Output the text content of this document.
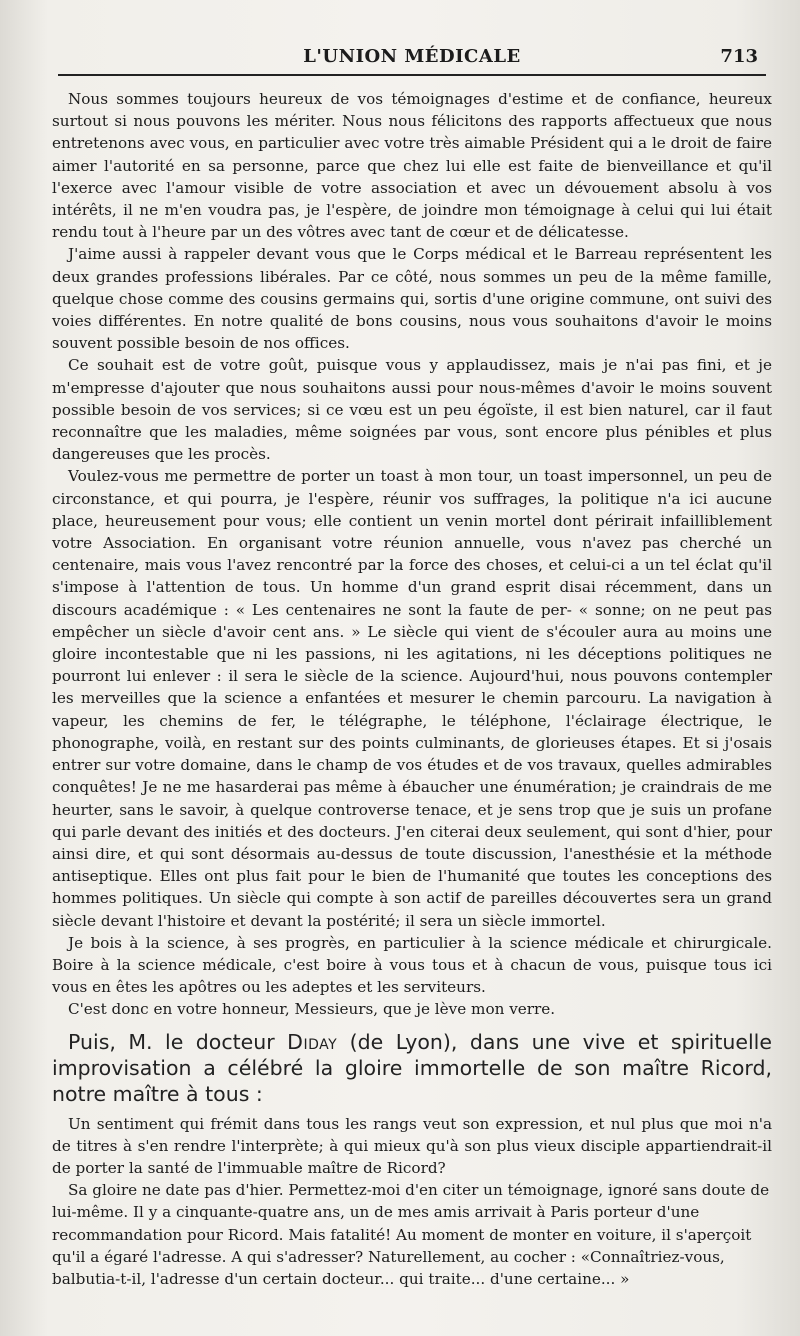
L'UNION MÉDICALE	713

Nous sommes toujours heureux de vos témoignages d'estime et de confiance, heureux surtout si nous pouvons les mériter. Nous nous félicitons des rapports affectueux que nous entretenons avec vous, en particulier avec votre très aimable Président qui a le droit de faire aimer l'autorité en sa personne, parce que chez lui elle est faite de bienveillance et qu'il l'exerce avec l'amour visible de votre association et avec un dévouement absolu à vos intérêts, il ne m'en voudra pas, je l'espère, de joindre mon témoignage à celui qui lui était rendu tout à l'heure par un des vôtres avec tant de cœur et de délicatesse.

J'aime aussi à rappeler devant vous que le Corps médical et le Barreau représentent les deux grandes professions libérales. Par ce côté, nous sommes un peu de la même famille, quelque chose comme des cousins germains qui, sortis d'une origine commune, ont suivi des voies différentes. En notre qualité de bons cousins, nous vous souhaitons d'avoir le moins souvent possible besoin de nos offices.

Ce souhait est de votre goût, puisque vous y applaudissez, mais je n'ai pas fini, et je m'empresse d'ajouter que nous souhaitons aussi pour nous-mêmes d'avoir le moins souvent possible besoin de vos services; si ce vœu est un peu égoïste, il est bien naturel, car il faut reconnaître que les maladies, même soignées par vous, sont encore plus pénibles et plus dangereuses que les procès.

Voulez-vous me permettre de porter un toast à mon tour, un toast impersonnel, un peu de circonstance, et qui pourra, je l'espère, réunir vos suffrages, la politique n'a ici aucune place, heureusement pour vous; elle contient un venin mortel dont périrait infailliblement votre Association. En organisant votre réunion annuelle, vous n'avez pas cherché un centenaire, mais vous l'avez rencontré par la force des choses, et celui-ci a un tel éclat qu'il s'impose à l'attention de tous. Un homme d'un grand esprit disai récemment, dans un discours académique : « Les centenaires ne sont la faute de per- « sonne; on ne peut pas empêcher un siècle d'avoir cent ans. » Le siècle qui vient de s'écouler aura au moins une gloire incontestable que ni les passions, ni les agitations, ni les déceptions politiques ne pourront lui enlever : il sera le siècle de la science. Aujourd'hui, nous pouvons contempler les merveilles que la science a enfantées et mesurer le chemin parcouru. La navigation à vapeur, les chemins de fer, le télégraphe, le téléphone, l'éclairage électrique, le phonographe, voilà, en restant sur des points culminants, de glorieuses étapes. Et si j'osais entrer sur votre domaine, dans le champ de vos études et de vos travaux, quelles admirables conquêtes! Je ne me hasarderai pas même à ébaucher une énumération; je craindrais de me heurter, sans le savoir, à quelque controverse tenace, et je sens trop que je suis un profane qui parle devant des initiés et des docteurs. J'en citerai deux seulement, qui sont d'hier, pour ainsi dire, et qui sont désormais au-dessus de toute discussion, l'anesthésie et la méthode antiseptique. Elles ont plus fait pour le bien de l'humanité que toutes les conceptions des hommes politiques. Un siècle qui compte à son actif de pareilles découvertes sera un grand siècle devant l'histoire et devant la postérité; il sera un siècle immortel.

Je bois à la science, à ses progrès, en particulier à la science médicale et chirurgicale. Boire à la science médicale, c'est boire à vous tous et à chacun de vous, puisque tous ici vous en êtes les apôtres ou les adeptes et les serviteurs.

C'est donc en votre honneur, Messieurs, que je lève mon verre.

Puis, M. le docteur Diday (de Lyon), dans une vive et spirituelle improvisation a célébré la gloire immortelle de son maître Ricord, notre maître à tous :

Un sentiment qui frémit dans tous les rangs veut son expression, et nul plus que moi n'a de titres à s'en rendre l'interprète; à qui mieux qu'à son plus vieux disciple appartiendrait-il de porter la santé de l'immuable maître de Ricord?

Sa gloire ne date pas d'hier. Permettez-moi d'en citer un témoignage, ignoré sans doute de lui-même. Il y a cinquante-quatre ans, un de mes amis arrivait à Paris porteur d'une recommandation pour Ricord. Mais fatalité! Au moment de monter en voiture, il s'aperçoit qu'il a égaré l'adresse. A qui s'adresser? Naturellement, au cocher : «Connaîtriez-vous, balbutia-t-il, l'adresse d'un certain docteur... qui traite... d'une certaine... »
